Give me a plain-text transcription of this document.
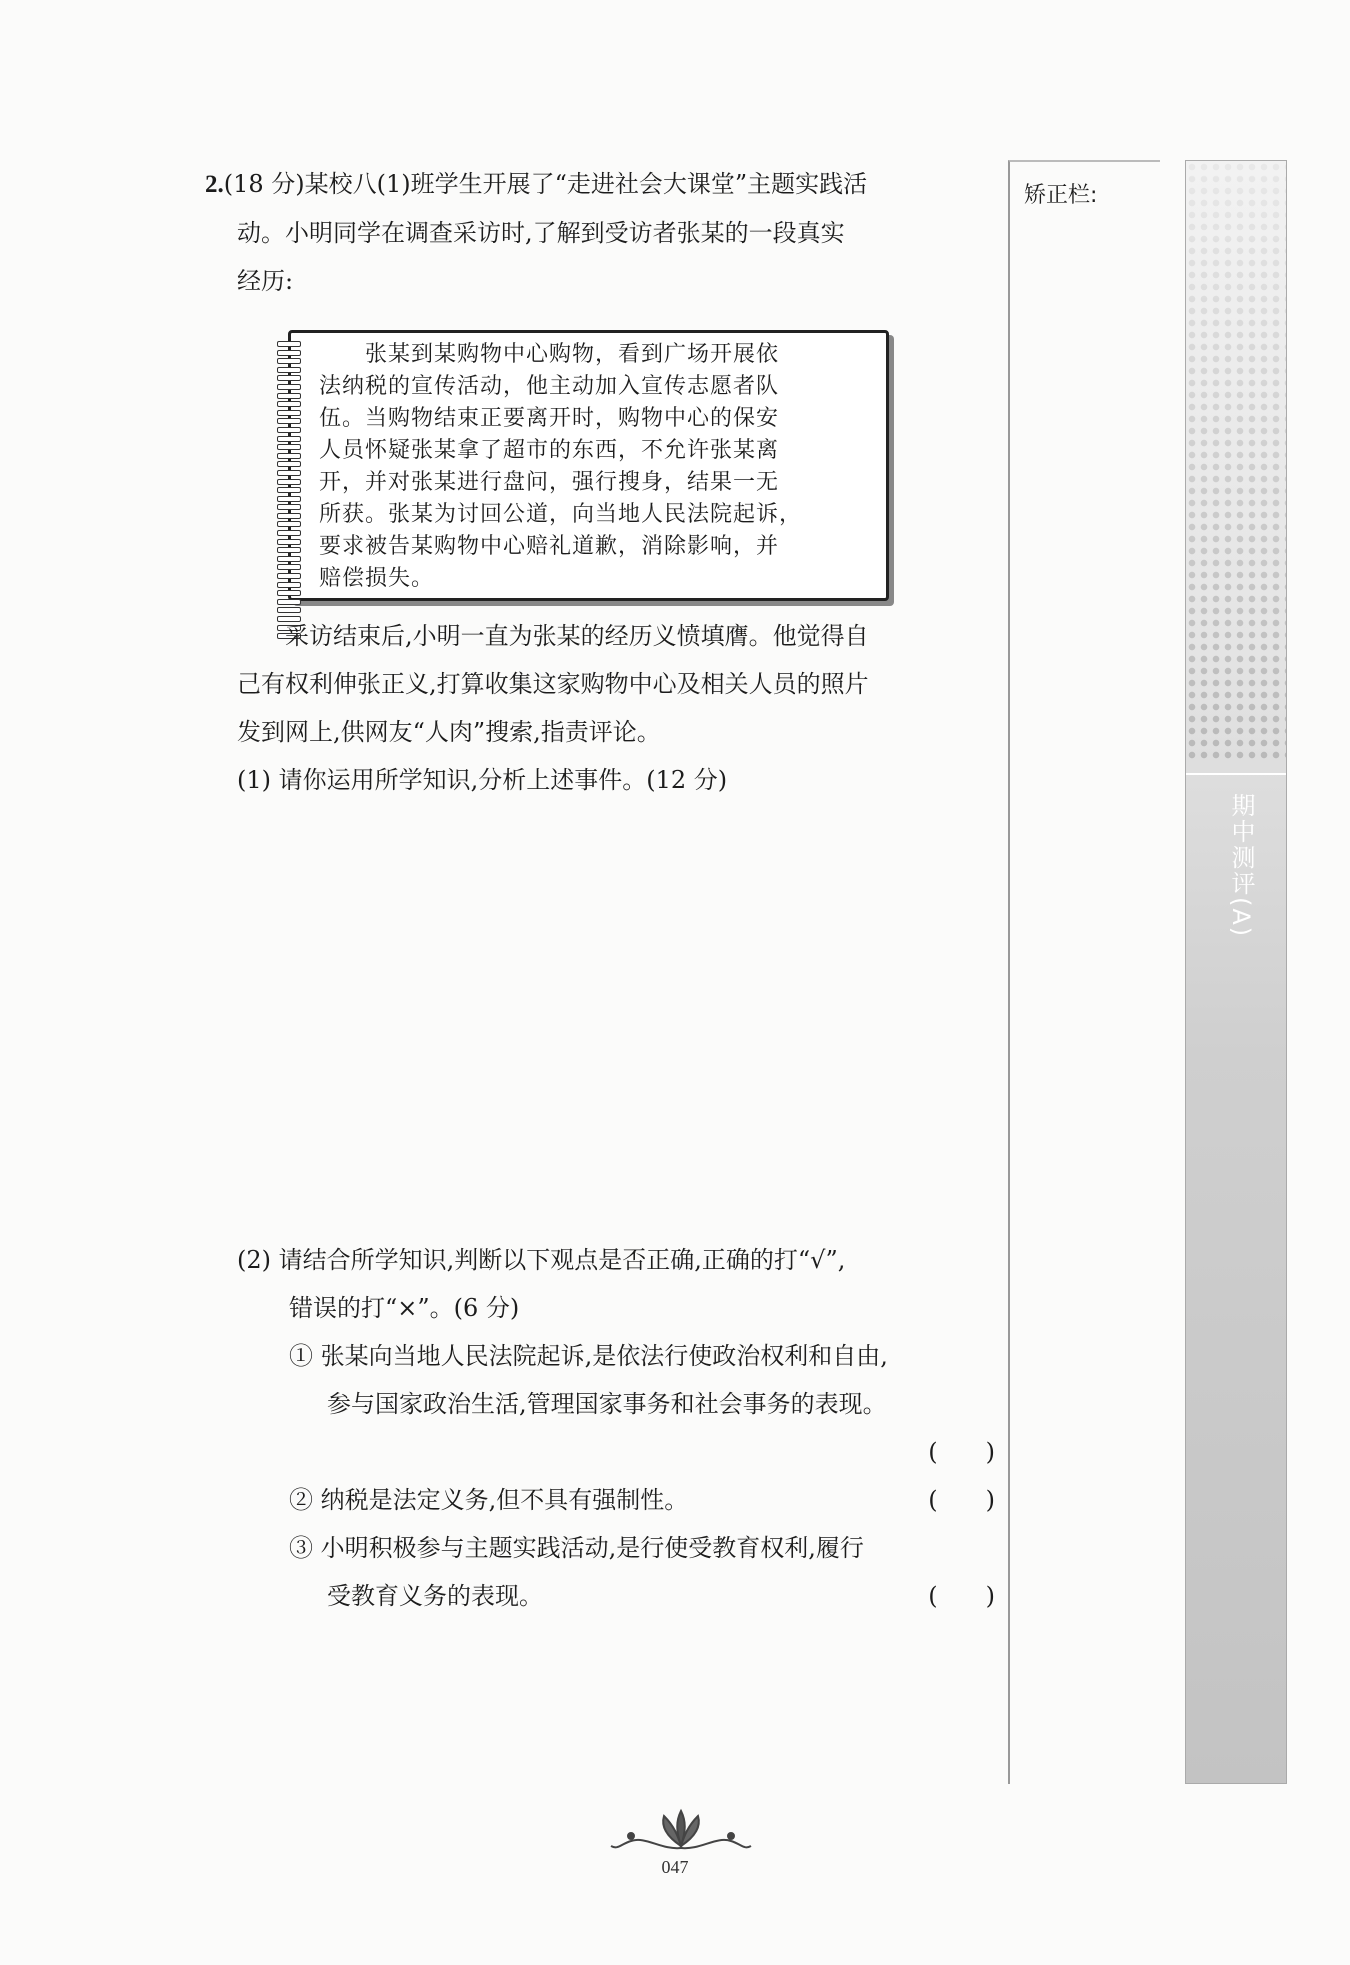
2.(18 分)某校八(1)班学生开展了“走进社会大课堂”主题实践活
动。小明同学在调查采访时,了解到受访者张某的一段真实
经历:
　　张某到某购物中心购物，看到广场开展依
法纳税的宣传活动，他主动加入宣传志愿者队
伍。当购物结束正要离开时，购物中心的保安
人员怀疑张某拿了超市的东西，不允许张某离
开，并对张某进行盘问，强行搜身，结果一无
所获。张某为讨回公道，向当地人民法院起诉，
要求被告某购物中心赔礼道歉，消除影响，并
赔偿损失。
采访结束后,小明一直为张某的经历义愤填膺。他觉得自
己有权利伸张正义,打算收集这家购物中心及相关人员的照片
发到网上,供网友“人肉”搜索,指责评论。
(1) 请你运用所学知识,分析上述事件。(12 分)
(2) 请结合所学知识,判断以下观点是否正确,正确的打“√”,
错误的打“×”。(6 分)
① 张某向当地人民法院起诉,是依法行使政治权利和自由,
参与国家政治生活,管理国家事务和社会事务的表现。
(　　)
② 纳税是法定义务,但不具有强制性。	(　　)
③ 小明积极参与主题实践活动,是行使受教育权利,履行
受教育义务的表现。	(　　)
矫正栏:
期中测评(A)
047
